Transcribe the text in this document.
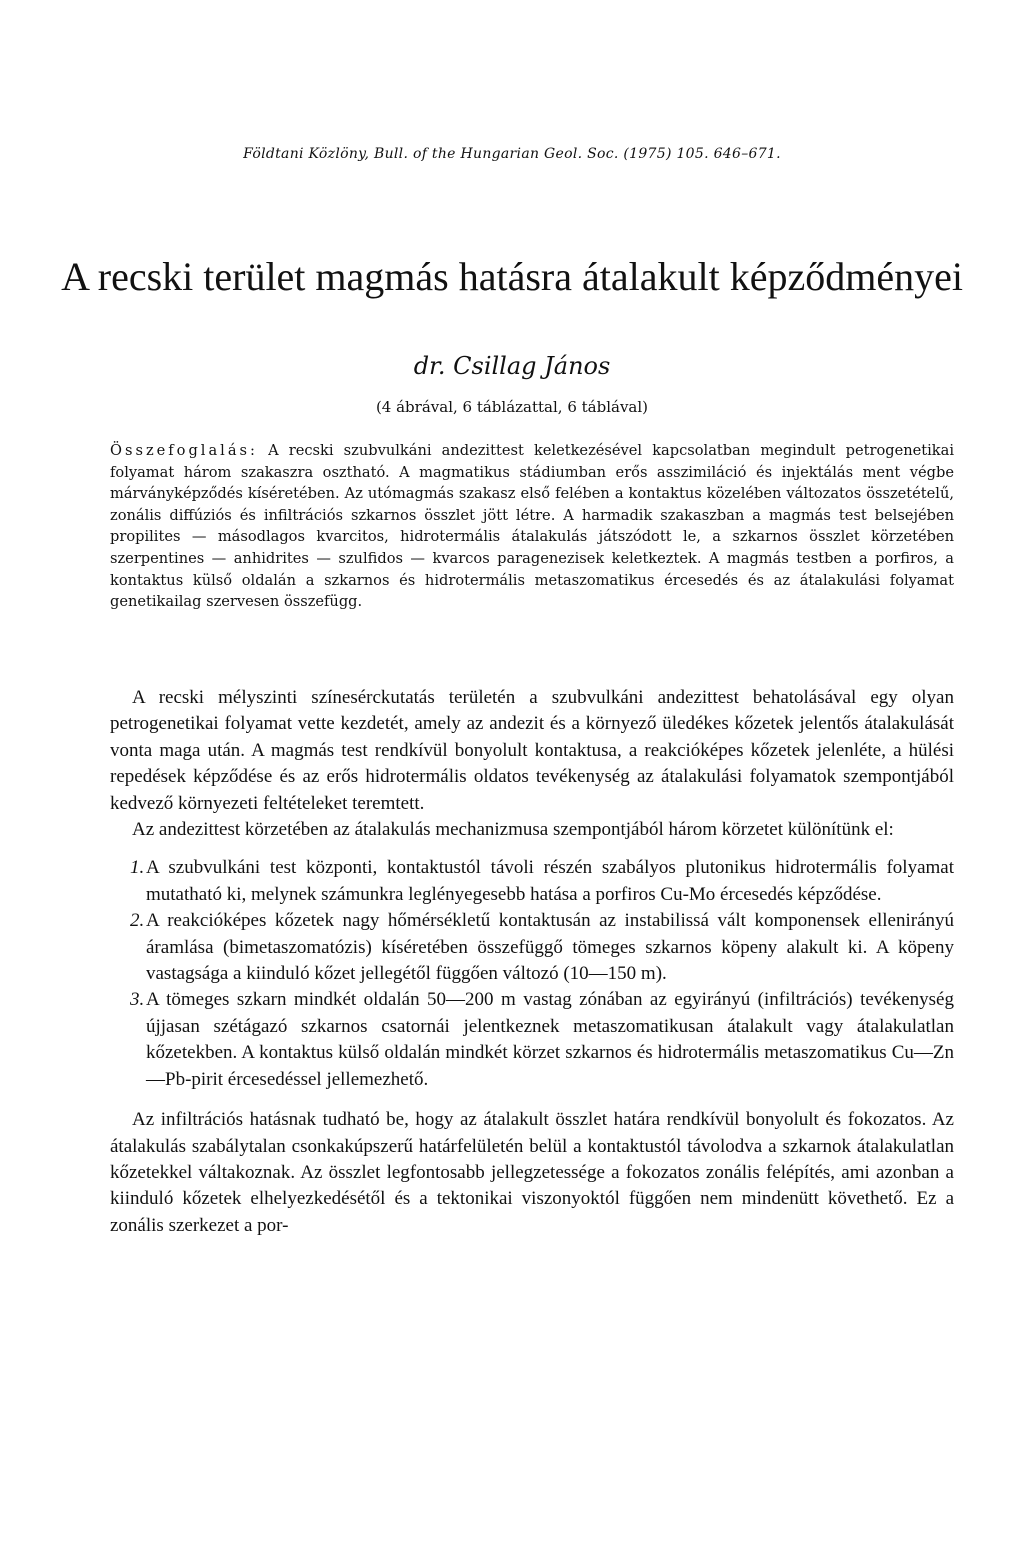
Földtani Közlöny, Bull. of the Hungarian Geol. Soc. (1975) 105. 646–671.
A recski terület magmás hatásra átalakult képződményei
dr. Csillag János
(4 ábrával, 6 táblázattal, 6 táblával)

Összefoglalás: A recski szubvulkáni andezittest keletkezésével kapcsolatban megindult petrogenetikai folyamat három szakaszra osztható. A magmatikus stádiumban erős asszimiláció és injektálás ment végbe márványképződés kíséretében. Az utómagmás szakasz első felében a kontaktus közelében változatos összetételű, zonális diffúziós és infiltrációs szkarnos összlet jött létre. A harmadik szakaszban a magmás test belsejében propilites — másodlagos kvarcitos, hidrotermális átalakulás játszódott le, a szkarnos összlet körzetében szerpentines — anhidrites — szulfidos — kvarcos paragenezisek keletkeztek. A magmás testben a porfiros, a kontaktus külső oldalán a szkarnos és hidrotermális metaszomatikus ércesedés és az átalakulási folyamat genetikailag szervesen összefügg.

A recski mélyszinti színesérckutatás területén a szubvulkáni andezittest behatolásával egy olyan petrogenetikai folyamat vette kezdetét, amely az andezit és a környező üledékes kőzetek jelentős átalakulását vonta maga után. A magmás test rendkívül bonyolult kontaktusa, a reakcióképes kőzetek jelenléte, a hülési repedések képződése és az erős hidrotermális oldatos tevékenység az átalakulási folyamatok szempontjából kedvező környezeti feltételeket teremtett.

Az andezittest körzetében az átalakulás mechanizmusa szempontjából három körzetet különítünk el:

1. A szubvulkáni test központi, kontaktustól távoli részén szabályos plutonikus hidrotermális folyamat mutatható ki, melynek számunkra leglényegesebb hatása a porfiros Cu-Mo ércesedés képződése.
2. A reakcióképes kőzetek nagy hőmérsékletű kontaktusán az instabilissá vált komponensek ellenirányú áramlása (bimetaszomatózis) kíséretében összefüggő tömeges szkarnos köpeny alakult ki. A köpeny vastagsága a kiinduló kőzet jellegétől függően változó (10—150 m).
3. A tömeges szkarn mindkét oldalán 50—200 m vastag zónában az egyirányú (infiltrációs) tevékenység újjasan szétágazó szkarnos csatornái jelentkeznek metaszomatikusan átalakult vagy átalakulatlan kőzetekben. A kontaktus külső oldalán mindkét körzet szkarnos és hidrotermális metaszomatikus Cu—Zn—Pb-pirit ércesedéssel jellemezhető.

Az infiltrációs hatásnak tudható be, hogy az átalakult összlet határa rendkívül bonyolult és fokozatos. Az átalakulás szabálytalan csonkakúpszerű határfelületén belül a kontaktustól távolodva a szkarnok átalakulatlan kőzetekkel váltakoznak. Az összlet legfontosabb jellegzetessége a fokozatos zonális felépítés, ami azonban a kiinduló kőzetek elhelyezkedésétől és a tektonikai viszonyoktól függően nem mindenütt követhető. Ez a zonális szerkezet a por-
